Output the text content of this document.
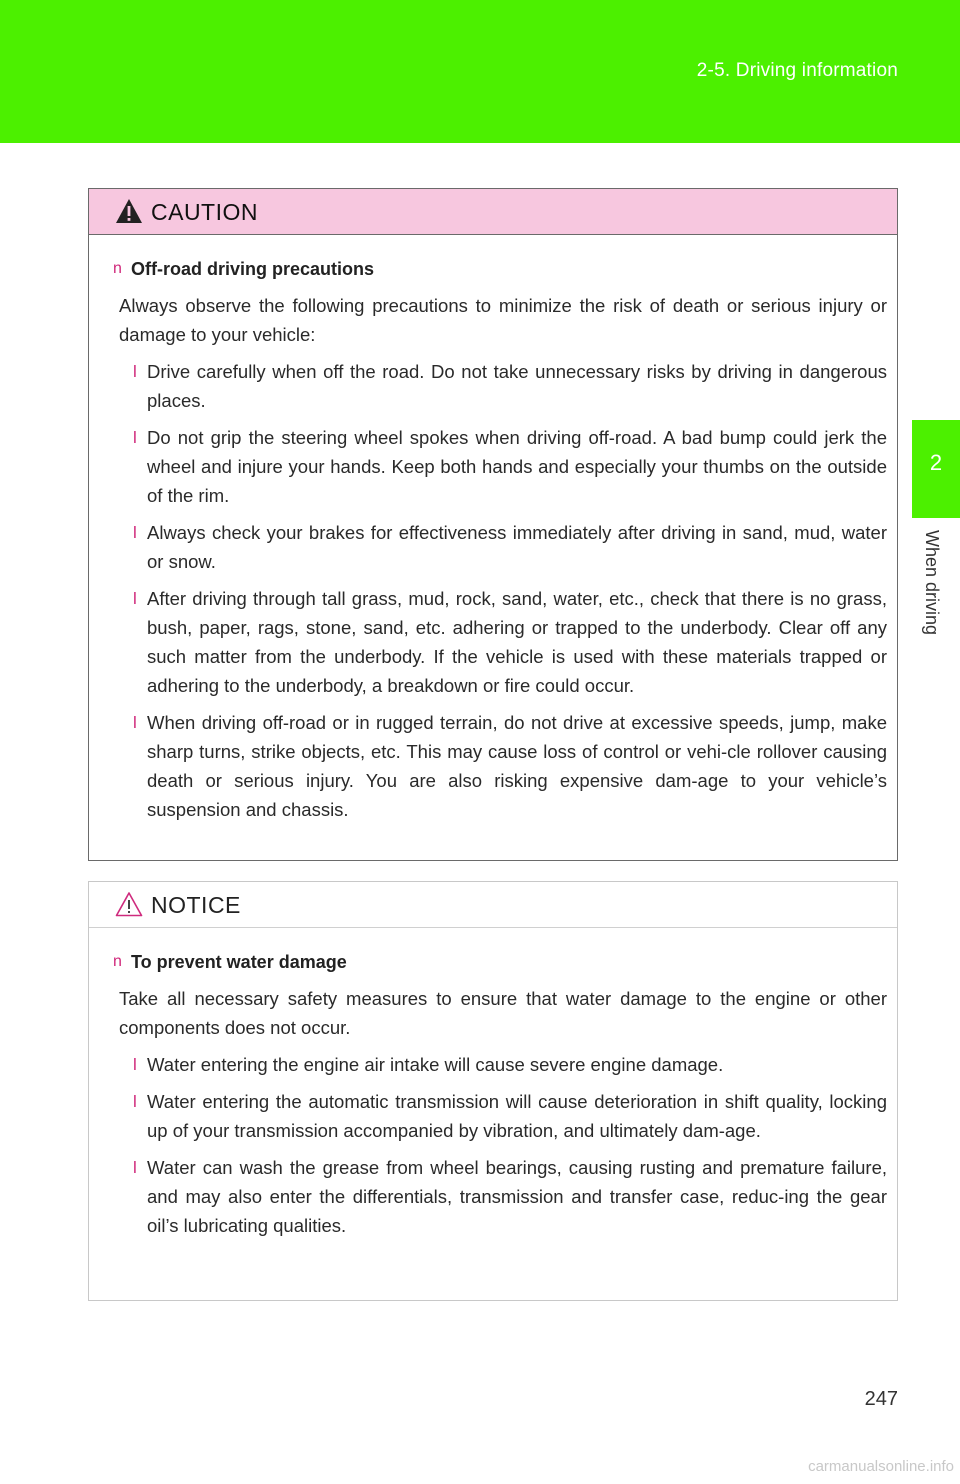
2-5. Driving information
2
When driving
CAUTION
n Off-road driving precautions
Always observe the following precautions to minimize the risk of death or serious injury or damage to your vehicle:
l Drive carefully when off the road. Do not take unnecessary risks by driving in dangerous places.
l Do not grip the steering wheel spokes when driving off-road. A bad bump could jerk the wheel and injure your hands. Keep both hands and especially your thumbs on the outside of the rim.
l Always check your brakes for effectiveness immediately after driving in sand, mud, water or snow.
l After driving through tall grass, mud, rock, sand, water, etc., check that there is no grass, bush, paper, rags, stone, sand, etc. adhering or trapped to the underbody. Clear off any such matter from the underbody. If the vehicle is used with these materials trapped or adhering to the underbody, a breakdown or fire could occur.
l When driving off-road or in rugged terrain, do not drive at excessive speeds, jump, make sharp turns, strike objects, etc. This may cause loss of control or vehi-cle rollover causing death or serious injury. You are also risking expensive dam-age to your vehicle’s suspension and chassis.
NOTICE
n To prevent water damage
Take all necessary safety measures to ensure that water damage to the engine or other components does not occur.
l Water entering the engine air intake will cause severe engine damage.
l Water entering the automatic transmission will cause deterioration in shift quality, locking up of your transmission accompanied by vibration, and ultimately dam-age.
l Water can wash the grease from wheel bearings, causing rusting and premature failure, and may also enter the differentials, transmission and transfer case, reduc-ing the gear oil’s lubricating qualities.
247
carmanualsonline.info
